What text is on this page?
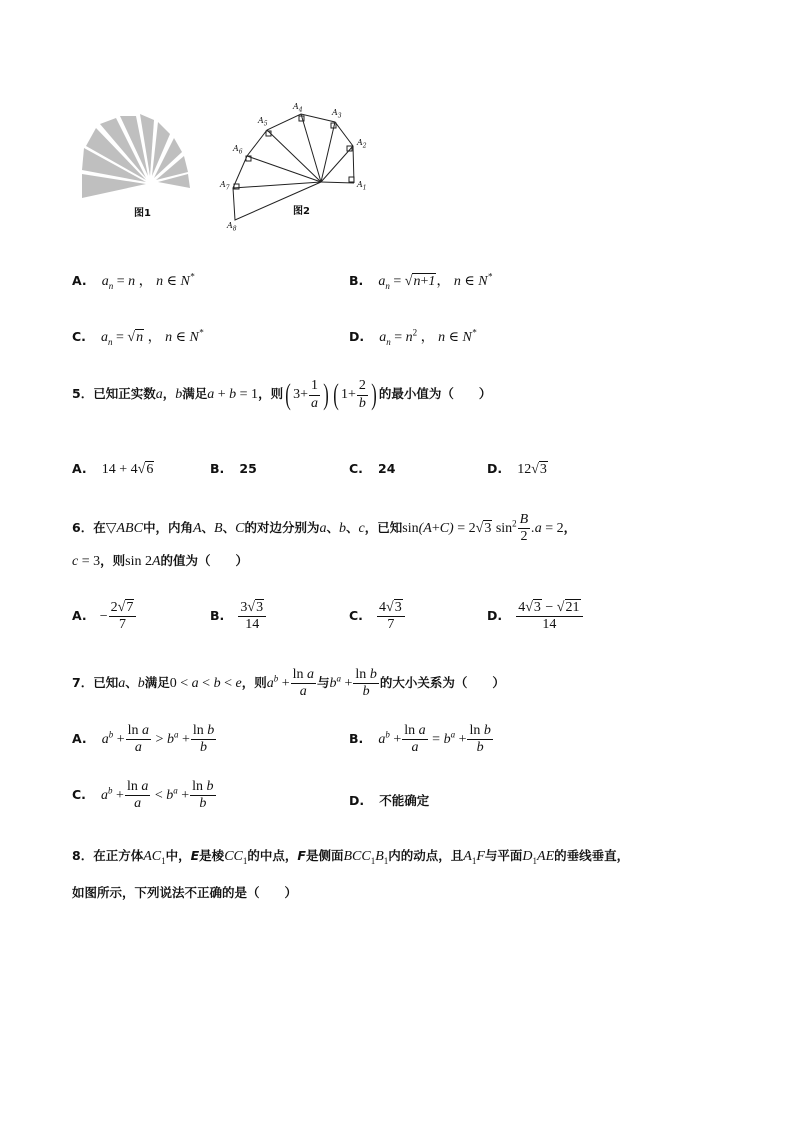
图1
$A_1$
$A_2$
$A_3$
$A_4$
$A_5$
$A_6$
$A_7$
$A_8$
图2
A. $a_n = n$ ， n ∈ N*	B. $a_n = √n+1$， n ∈ N*
C. $a_n = √n$ ， n ∈ N*	D. $a_n = n^2$ ， n ∈ N*
5．已知正实数a，b满足a + b = 1，则( $3+ \frac{1}{a}$ ) ( $1+ \frac{2}{b}$ ) 的最小值为（　　）
A. 14 + 4√6	B. 25	C. 24	D. 12√3
6．在▽ABC中，内角A、B、C的对边分别为a、b、c，已知sin(A+C) = 2√3 $\sin^2 \frac{B}{2} .a = 2$，
c = 3，则sin 2A的值为（　　）
A. − $\frac{2√7}{7}$	B. $\frac{3√3}{14}$	C. $\frac{4√3}{7}$	D. $\frac{4√3 - √21}{14}$
7．已知a、b满足0 < a < b < e，则$a^b + \frac{\text{ln a}}{a}$ 与$b^a + \frac{\text{ln b}}{b}$ 的大小关系为（　　）
A. $a^b + \frac{\text{ln a}}{a} > b^a + \frac{\text{ln b}}{b}$	B. $a^b + \frac{\text{ln a}}{a} = b^a + \frac{\text{ln b}}{b}$
C. $a^b + \frac{\text{ln a}}{a} < b^a + \frac{\text{ln b}}{b}$	D. 不能确定
8．在正方体$AC_1$中，E是棱$CC_1$的中点，F是侧面$BCC_1B_1$内的动点，且$A_1F$与平面$D_1AE$的垂线垂直，
如图所示，下列说法不正确的是（　　）
